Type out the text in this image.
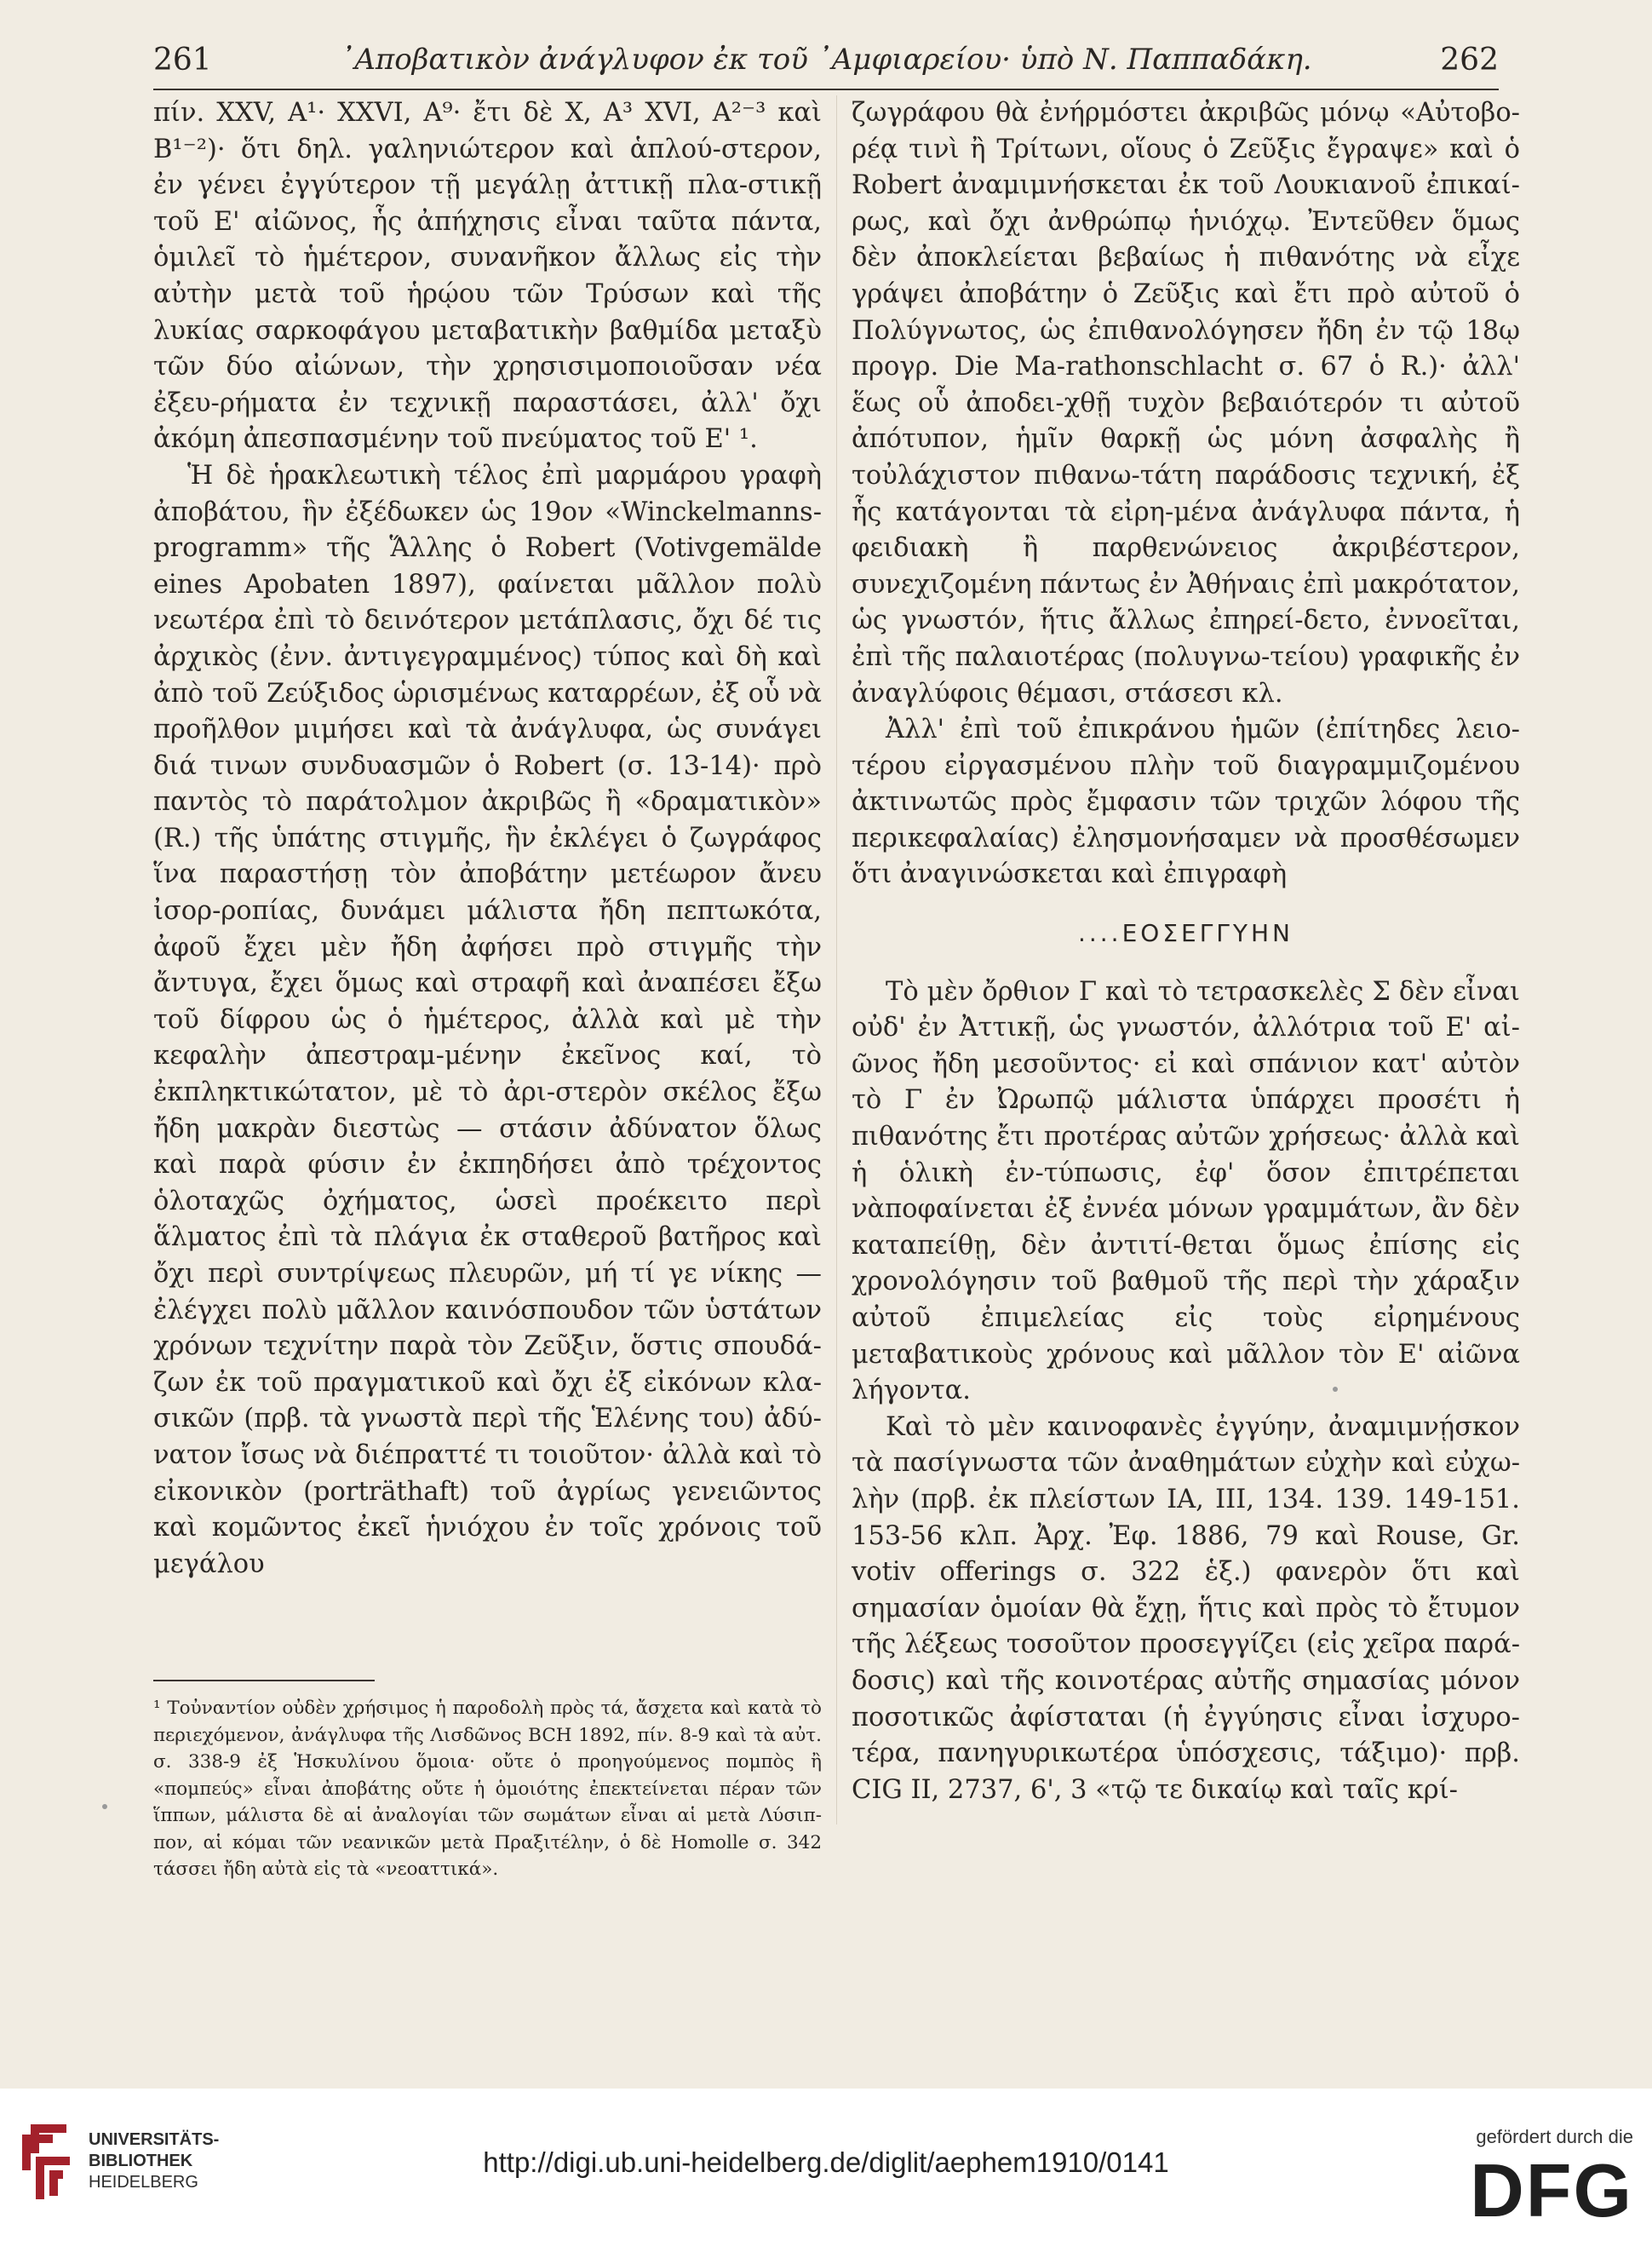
261	᾿Αποβατικὸν ἀνάγλυφον ἐκ τοῦ ᾿Αμφιαρείου· ὑπὸ Ν. Παππαδάκη.	262

πίν. XXV, A¹· XXVI, A⁹· ἔτι δὲ X, A³ XVI, A²⁻³ καὶ B¹⁻²)· ὅτι δηλ. γαληνιώτερον καὶ ἁπλού-στερον, ἐν γένει ἐγγύτερον τῇ μεγάλῃ ἀττικῇ πλα-στικῇ τοῦ Ε' αἰῶνος, ἧς ἀπήχησις εἶναι ταῦτα πάντα, ὁμιλεῖ τὸ ἡμέτερον, συνανῆκον ἄλλως εἰς τὴν αὐτὴν μετὰ τοῦ ἡρῴου τῶν Τρύσων καὶ τῆς λυκίας σαρκοφάγου μεταβατικὴν βαθμίδα μεταξὺ τῶν δύο αἰώνων, τὴν χρησισιμοποιοῦσαν νέα ἐξευ-ρήματα ἐν τεχνικῇ παραστάσει, ἀλλ' ὄχι ἀκόμη ἀπεσπασμένην τοῦ πνεύματος τοῦ Ε' ¹.

Ἡ δὲ ἡρακλεωτικὴ τέλος ἐπὶ μαρμάρου γραφὴ ἀποβάτου, ἣν ἐξέδωκεν ὡς 19ον «Winckelmanns-programm» τῆς Ἅλλης ὁ Robert (Votivgemälde eines Apobaten 1897), φαίνεται μᾶλλον πολὺ νεωτέρα ἐπὶ τὸ δεινότερον μετάπλασις, ὄχι δέ τις ἀρχικὸς (ἐνν. ἀντιγεγραμμένος) τύπος καὶ δὴ καὶ ἀπὸ τοῦ Ζεύξιδος ὡρισμένως καταρρέων, ἐξ οὗ νὰ προῆλθον μιμήσει καὶ τὰ ἀνάγλυφα, ὡς συνάγει διά τινων συνδυασμῶν ὁ Robert (σ. 13-14)· πρὸ παντὸς τὸ παράτολμον ἀκριβῶς ἢ «δραματικὸν» (R.) τῆς ὑπάτης στιγμῆς, ἣν ἐκλέγει ὁ ζωγράφος ἵνα παραστήσῃ τὸν ἀποβάτην μετέωρον ἄνευ ἰσορ-ροπίας, δυνάμει μάλιστα ἤδη πεπτωκότα, ἀφοῦ ἔχει μὲν ἤδη ἀφήσει πρὸ στιγμῆς τὴν ἄντυγα, ἔχει ὅμως καὶ στραφῆ καὶ ἀναπέσει ἔξω τοῦ δίφρου ὡς ὁ ἡμέτερος, ἀλλὰ καὶ μὲ τὴν κεφαλὴν ἀπεστραμ-μένην ἐκεῖνος καί, τὸ ἐκπληκτικώτατον, μὲ τὸ ἀρι-στερὸν σκέλος ἔξω ἤδη μακρὰν διεστὼς — στάσιν ἀδύνατον ὅλως καὶ παρὰ φύσιν ἐν ἐκπηδήσει ἀπὸ τρέχοντος ὁλοταχῶς ὀχήματος, ὡσεὶ προέκειτο περὶ ἅλματος ἐπὶ τὰ πλάγια ἐκ σταθεροῦ βατῆρος καὶ ὄχι περὶ συντρίψεως πλευρῶν, μή τί γε νίκης — ἐλέγχει πολὺ μᾶλλον καινόσπουδον τῶν ὑστάτων χρόνων τεχνίτην παρὰ τὸν Ζεῦξιν, ὅστις σπουδά-ζων ἐκ τοῦ πραγματικοῦ καὶ ὄχι ἐξ εἰκόνων κλα-σικῶν (πρβ. τὰ γνωστὰ περὶ τῆς Ἑλένης του) ἀδύ-νατον ἴσως νὰ διέπραττέ τι τοιοῦτον· ἀλλὰ καὶ τὸ εἰκονικὸν (porträthaft) τοῦ ἀγρίως γενειῶντος καὶ κομῶντος ἐκεῖ ἡνιόχου ἐν τοῖς χρόνοις τοῦ μεγάλου

¹ Τοὐναντίον οὐδὲν χρήσιμος ἡ παροδολὴ πρὸς τά, ἄσχετα καὶ κατὰ τὸ περιεχόμενον, ἀνάγλυφα τῆς Λισδῶνος BCH 1892, πίν. 8-9 καὶ τὰ αὐτ. σ. 338-9 ἐξ Ἡσκυλίνου ὅμοια· οὔτε ὁ προηγούμενος πομπὸς ἢ «πομπεύς» εἶναι ἀποβάτης οὔτε ἡ ὁμοιότης ἐπεκτείνεται πέραν τῶν ἵππων, μάλιστα δὲ αἱ ἀναλογίαι τῶν σωμάτων εἶναι αἱ μετὰ Λύσιπ-πον, αἱ κόμαι τῶν νεανικῶν μετὰ Πραξιτέλην, ὁ δὲ Homolle σ. 342 τάσσει ἤδη αὐτὰ εἰς τὰ «νεοαττικά».

ζωγράφου θὰ ἐνήρμόστει ἀκριβῶς μόνῳ «Αὐτοβο-ρέᾳ τινὶ ἢ Τρίτωνι, οἵους ὁ Ζεῦξις ἔγραψε» καὶ ὁ Robert ἀναμιμνήσκεται ἐκ τοῦ Λουκιανοῦ ἐπικαί-ρως, καὶ ὄχι ἀνθρώπῳ ἡνιόχῳ. Ἐντεῦθεν ὅμως δὲν ἀποκλείεται βεβαίως ἡ πιθανότης νὰ εἶχε γράψει ἀποβάτην ὁ Ζεῦξις καὶ ἔτι πρὸ αὐτοῦ ὁ Πολύγνωτος, ὡς ἐπιθανολόγησεν ἤδη ἐν τῷ 18ῳ προγρ. Die Ma-rathonschlacht σ. 67 ὁ R.)· ἀλλ' ἕως οὗ ἀποδει-χθῇ τυχὸν βεβαιότερόν τι αὐτοῦ ἀπότυπον, ἡμῖν θαρκῇ ὡς μόνη ἀσφαλὴς ἢ τοὐλάχιστον πιθανω-τάτη παράδοσις τεχνική, ἐξ ἧς κατάγονται τὰ εἰρη-μένα ἀνάγλυφα πάντα, ἡ φειδιακὴ ἢ παρθενώνειος ἀκριβέστερον, συνεχιζομένη πάντως ἐν Ἀθήναις ἐπὶ μακρότατον, ὡς γνωστόν, ἥτις ἄλλως ἐπηρεί-δετο, ἐννοεῖται, ἐπὶ τῆς παλαιοτέρας (πολυγνω-τείου) γραφικῆς ἐν ἀναγλύφοις θέμασι, στάσεσι κλ.

Ἀλλ' ἐπὶ τοῦ ἐπικράνου ἡμῶν (ἐπίτηδες λειο-τέρου εἰργασμένου πλὴν τοῦ διαγραμμιζομένου ἀκτινωτῶς πρὸς ἔμφασιν τῶν τριχῶν λόφου τῆς περικεφαλαίας) ἐλησμονήσαμεν νὰ προσθέσωμεν ὅτι ἀναγινώσκεται καὶ ἐπιγραφὴ

....ΕΟΣΕΓΓΥΗΝ

Τὸ μὲν ὄρθιον Γ καὶ τὸ τετρασκελὲς Σ δὲν εἶναι οὐδ' ἐν Ἀττικῇ, ὡς γνωστόν, ἀλλότρια τοῦ Ε' αἰ-ῶνος ἤδη μεσοῦντος· εἰ καὶ σπάνιον κατ' αὐτὸν τὸ Γ ἐν Ὠρωπῷ μάλιστα ὑπάρχει προσέτι ἡ πιθανότης ἔτι προτέρας αὐτῶν χρήσεως· ἀλλὰ καὶ ἡ ὁλικὴ ἐν-τύπωσις, ἐφ' ὅσον ἐπιτρέπεται νὰποφαίνεται ἐξ ἐννέα μόνων γραμμάτων, ἂν δὲν καταπείθῃ, δὲν ἀντιτί-θεται ὅμως ἐπίσης εἰς χρονολόγησιν τοῦ βαθμοῦ τῆς περὶ τὴν χάραξιν αὐτοῦ ἐπιμελείας εἰς τοὺς εἰρημένους μεταβατικοὺς χρόνους καὶ μᾶλλον τὸν Ε' αἰῶνα λήγοντα.

Καὶ τὸ μὲν καινοφανὲς ἐγγύην, ἀναμιμνῄσκον τὰ πασίγνωστα τῶν ἀναθημάτων εὐχὴν καὶ εὐχω-λὴν (πρβ. ἐκ πλείστων IA, III, 134. 139. 149-151. 153-56 κλπ. Ἀρχ. Ἐφ. 1886, 79 καὶ Rouse, Gr. votiv offerings σ. 322 ἑξ.) φανερὸν ὅτι καὶ σημασίαν ὁμοίαν θὰ ἔχῃ, ἥτις καὶ πρὸς τὸ ἔτυμον τῆς λέξεως τοσοῦτον προσεγγίζει (εἰς χεῖρα παρά-δοσις) καὶ τῆς κοινοτέρας αὐτῆς σημασίας μόνον ποσοτικῶς ἀφίσταται (ἡ ἐγγύησις εἶναι ἰσχυρο-τέρα, πανηγυρικωτέρα ὑπόσχεσις, τάξιμο)· πρβ. CIG II, 2737, 6', 3 «τῷ τε δικαίῳ καὶ ταῖς κρί-

UNIVERSITÄTS-
BIBLIOTHEK
HEIDELBERG
http://digi.ub.uni-heidelberg.de/diglit/aephem1910/0141
gefördert durch die
DFG
